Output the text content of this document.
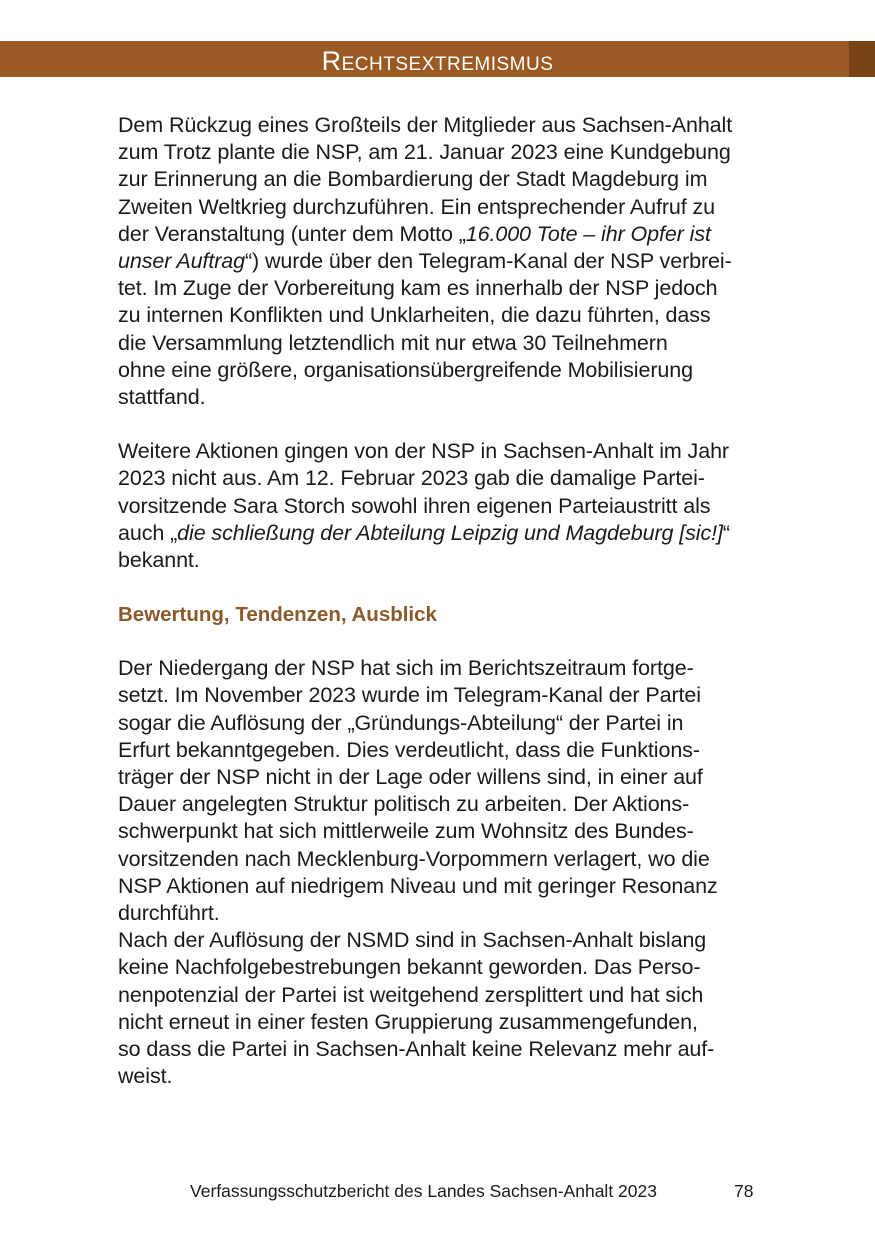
Rechtsextremismus

Dem Rückzug eines Großteils der Mitglieder aus Sachsen-Anhalt
zum Trotz plante die NSP, am 21. Januar 2023 eine Kundgebung
zur Erinnerung an die Bombardierung der Stadt Magdeburg im
Zweiten Weltkrieg durchzuführen. Ein entsprechender Aufruf zu
der Veranstaltung (unter dem Motto „16.000 Tote – ihr Opfer ist
unser Auftrag“) wurde über den Telegram-Kanal der NSP verbrei-
tet. Im Zuge der Vorbereitung kam es innerhalb der NSP jedoch
zu internen Konflikten und Unklarheiten, die dazu führten, dass
die Versammlung letztendlich mit nur etwa 30 Teilnehmern
ohne eine größere, organisationsübergreifende Mobilisierung
stattfand.

Weitere Aktionen gingen von der NSP in Sachsen-Anhalt im Jahr
2023 nicht aus. Am 12. Februar 2023 gab die damalige Partei-
vorsitzende Sara Storch sowohl ihren eigenen Parteiaustritt als
auch „die schließung der Abteilung Leipzig und Magdeburg [sic!]“
bekannt.

Bewertung, Tendenzen, Ausblick

Der Niedergang der NSP hat sich im Berichtszeitraum fortge-
setzt. Im November 2023 wurde im Telegram-Kanal der Partei
sogar die Auflösung der „Gründungs-Abteilung“ der Partei in
Erfurt bekanntgegeben. Dies verdeutlicht, dass die Funktions-
träger der NSP nicht in der Lage oder willens sind, in einer auf
Dauer angelegten Struktur politisch zu arbeiten. Der Aktions-
schwerpunkt hat sich mittlerweile zum Wohnsitz des Bundes-
vorsitzenden nach Mecklenburg-Vorpommern verlagert, wo die
NSP Aktionen auf niedrigem Niveau und mit geringer Resonanz
durchführt.

Nach der Auflösung der NSMD sind in Sachsen-Anhalt bislang
keine Nachfolgebestrebungen bekannt geworden. Das Perso-
nenpotenzial der Partei ist weitgehend zersplittert und hat sich
nicht erneut in einer festen Gruppierung zusammengefunden,
so dass die Partei in Sachsen-Anhalt keine Relevanz mehr auf-
weist.

Verfassungsschutzbericht des Landes Sachsen-Anhalt 2023	78
